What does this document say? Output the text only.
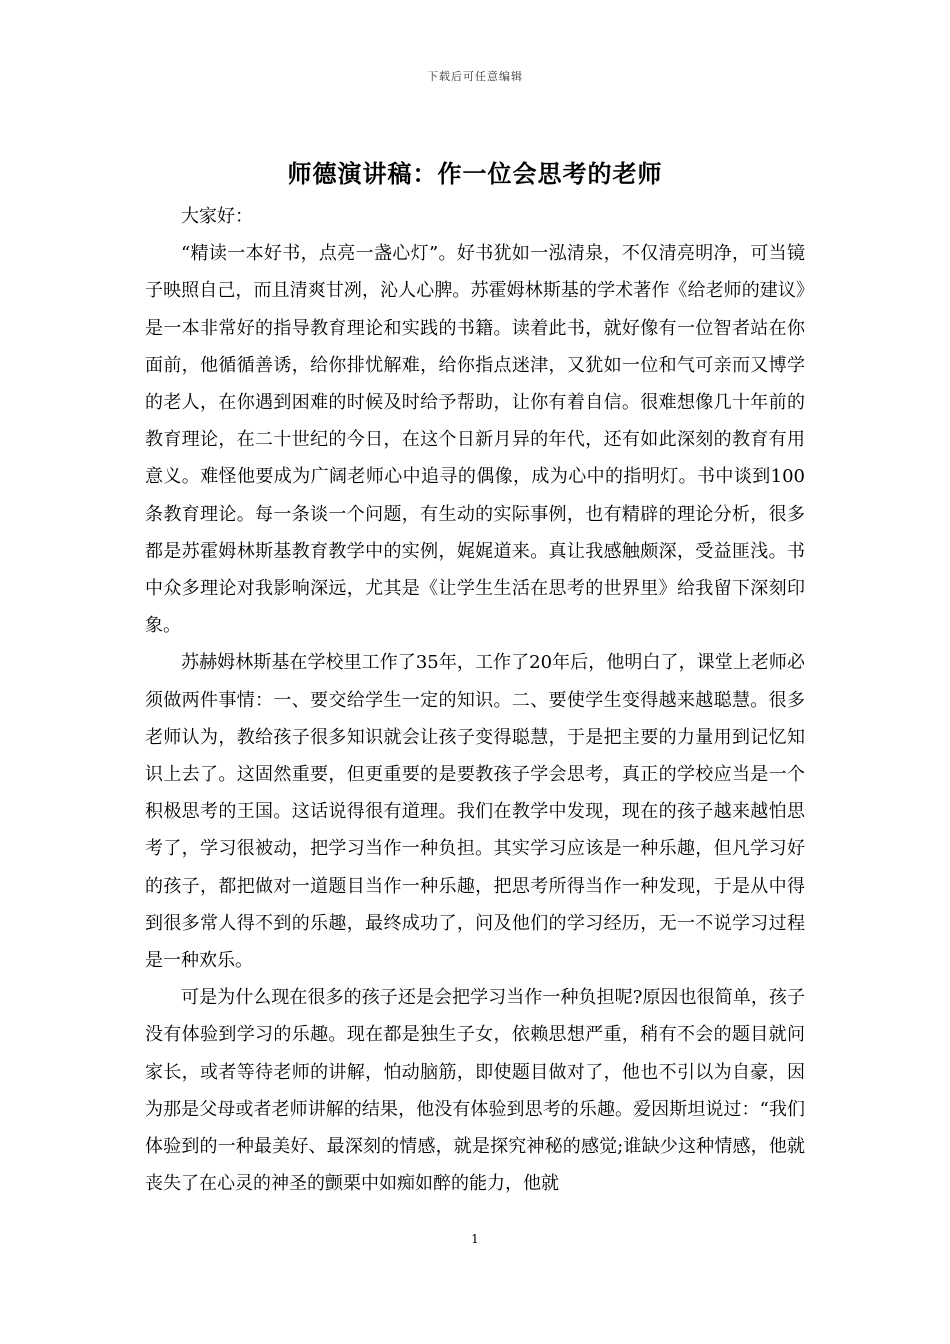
下载后可任意编辑
师德演讲稿：作一位会思考的老师

大家好：

“精读一本好书，点亮一盏心灯”。好书犹如一泓清泉，不仅清亮明净，可当镜子映照自己，而且清爽甘冽，沁人心脾。苏霍姆林斯基的学术著作《给老师的建议》是一本非常好的指导教育理论和实践的书籍。读着此书，就好像有一位智者站在你面前，他循循善诱，给你排忧解难，给你指点迷津，又犹如一位和气可亲而又博学的老人，在你遇到困难的时候及时给予帮助，让你有着自信。很难想像几十年前的教育理论，在二十世纪的今日，在这个日新月异的年代，还有如此深刻的教育有用意义。难怪他要成为广阔老师心中追寻的偶像，成为心中的指明灯。书中谈到100条教育理论。每一条谈一个问题，有生动的实际事例，也有精辟的理论分析，很多都是苏霍姆林斯基教育教学中的实例，娓娓道来。真让我感触颇深，受益匪浅。书中众多理论对我影响深远，尤其是《让学生生活在思考的世界里》给我留下深刻印象。

苏赫姆林斯基在学校里工作了35年，工作了20年后，他明白了，课堂上老师必须做两件事情：一、要交给学生一定的知识。二、要使学生变得越来越聪慧。很多老师认为，教给孩子很多知识就会让孩子变得聪慧，于是把主要的力量用到记忆知识上去了。这固然重要，但更重要的是要教孩子学会思考，真正的学校应当是一个积极思考的王国。这话说得很有道理。我们在教学中发现，现在的孩子越来越怕思考了，学习很被动，把学习当作一种负担。其实学习应该是一种乐趣，但凡学习好的孩子，都把做对一道题目当作一种乐趣，把思考所得当作一种发现，于是从中得到很多常人得不到的乐趣，最终成功了，问及他们的学习经历，无一不说学习过程是一种欢乐。

可是为什么现在很多的孩子还是会把学习当作一种负担呢?原因也很简单，孩子没有体验到学习的乐趣。现在都是独生子女，依赖思想严重，稍有不会的题目就问家长，或者等待老师的讲解，怕动脑筋，即使题目做对了，他也不引以为自豪，因为那是父母或者老师讲解的结果，他没有体验到思考的乐趣。爱因斯坦说过：“我们体验到的一种最美好、最深刻的情感，就是探究神秘的感觉;谁缺少这种情感，他就丧失了在心灵的神圣的颤栗中如痴如醉的能力，他就

1
